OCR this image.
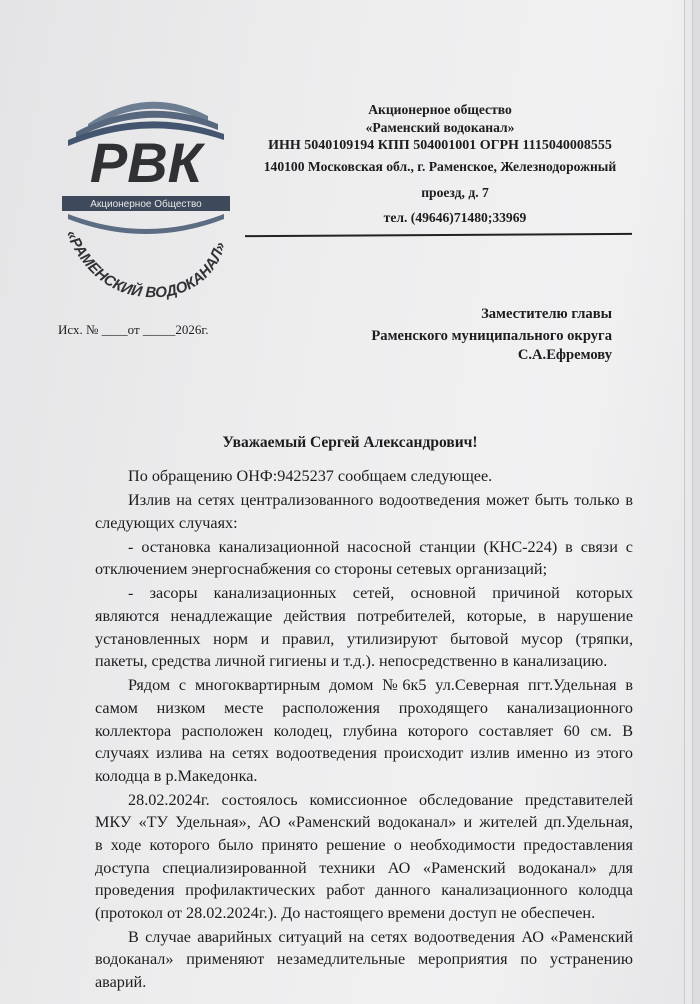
РВК
Акционерное Общество
«РАМЕНСКИЙ ВОДОКАНАЛ»
Акционерное общество
«Раменский водоканал»
ИНН 5040109194 КПП 504001001 ОГРН 1115040008555
140100 Московская обл., г. Раменское, Железнодорожный
проезд, д. 7
тел. (49646)71480;33969
Исх. № ____от _____2026г.
Заместителю главы
Раменского муниципального округа
С.А.Ефремову
Уважаемый Сергей Александрович!
По обращению ОНФ:9425237 сообщаем следующее.
Излив на сетях централизованного водоотведения может быть только в
следующих случаях:
- остановка канализационной насосной станции (КНС-224) в связи с
отключением энергоснабжения со стороны сетевых организаций;
- засоры канализационных сетей, основной причиной которых
являются ненадлежащие действия потребителей, которые, в нарушение
установленных норм и правил, утилизируют бытовой мусор (тряпки,
пакеты, средства личной гигиены и т.д.). непосредственно в канализацию.
Рядом с многоквартирным домом №6к5 ул.Северная пгт.Удельная в
самом низком месте расположения проходящего канализационного
коллектора расположен колодец, глубина которого составляет 60 см. В
случаях излива на сетях водоотведения происходит излив именно из этого
колодца в р.Македонка.
28.02.2024г. состоялось комиссионное обследование представителей
МКУ «ТУ Удельная», АО «Раменский водоканал» и жителей дп.Удельная,
в ходе которого было принято решение о необходимости предоставления
доступа специализированной техники АО «Раменский водоканал» для
проведения профилактических работ данного канализационного колодца
(протокол от 28.02.2024г.). До настоящего времени доступ не обеспечен.
В случае аварийных ситуаций на сетях водоотведения АО «Раменский
водоканал» применяют незамедлительные мероприятия по устранению
аварий.
